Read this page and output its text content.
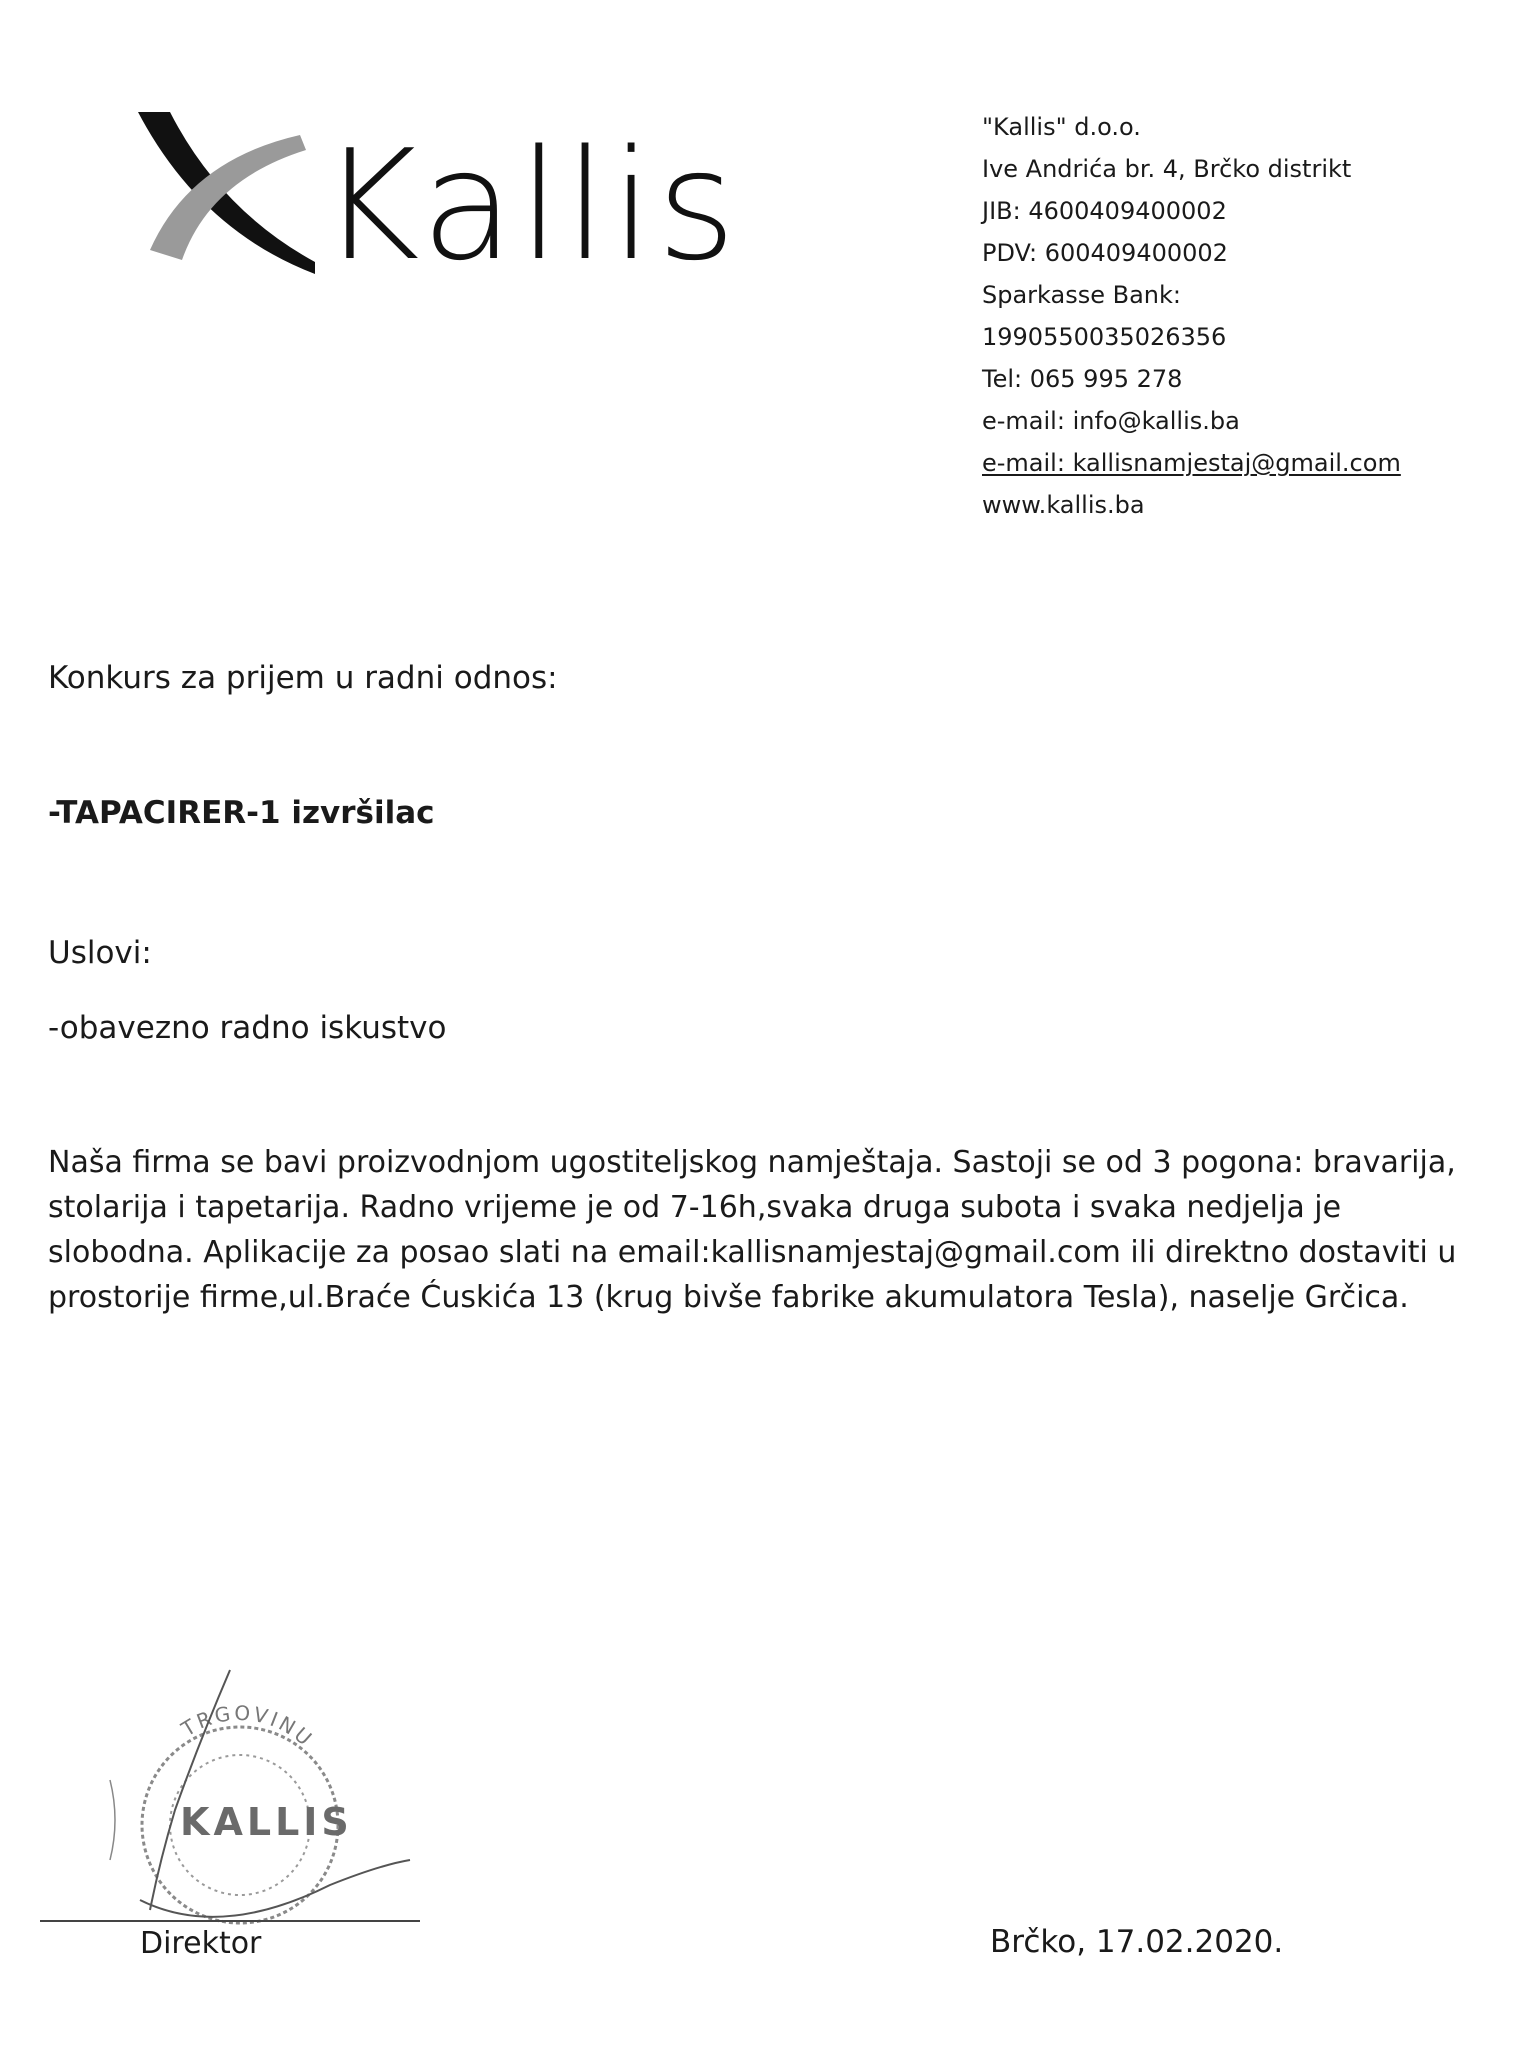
Kallis	"Kallis" d.o.o.
Ive Andrića br. 4, Brčko distrikt
JIB: 4600409400002
PDV: 600409400002
Sparkasse Bank:
1990550035026356
Tel: 065 995 278
e-mail: info@kallis.ba
e-mail: kallisnamjestaj@gmail.com
www.kallis.ba
Konkurs za prijem u radni odnos:
-TAPACIRER-1 izvršilac
Uslovi:
-obavezno radno iskustvo
Naša firma se bavi proizvodnjom ugostiteljskog namještaja. Sastoji se od 3 pogona: bravarija,
stolarija i tapetarija. Radno vrijeme je od 7-16h,svaka druga subota i svaka nedjelja je
slobodna. Aplikacije za posao slati na email:kallisnamjestaj@gmail.com ili direktno dostaviti u
prostorije firme,ul.Braće Ćuskića 13 (krug bivše fabrike akumulatora Tesla), naselje Grčica.
TRGOVINU
KALLIS
Direktor	Brčko, 17.02.2020.
